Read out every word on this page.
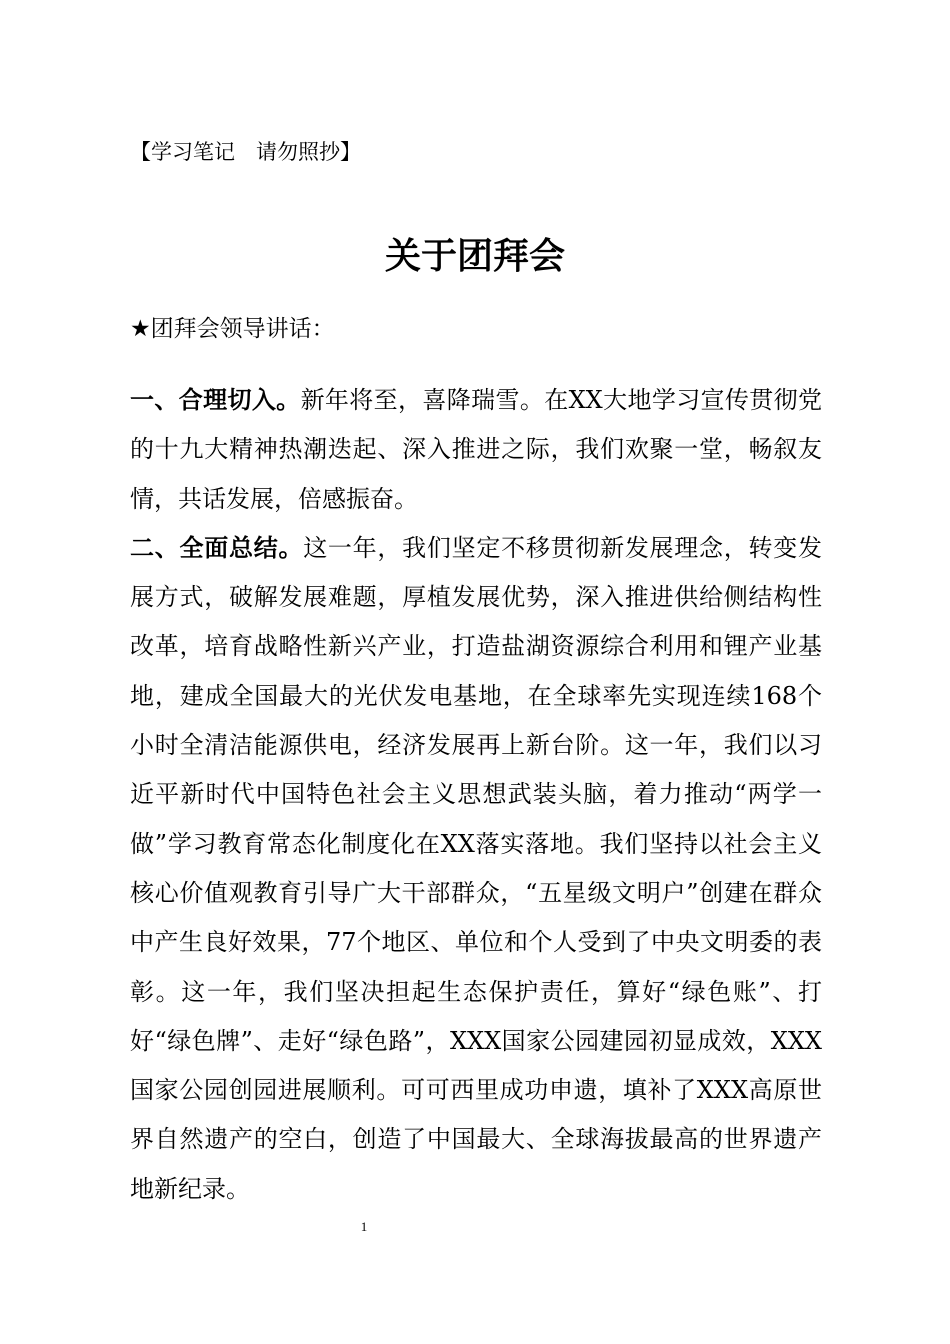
【学习笔记　请勿照抄】
关于团拜会
★团拜会领导讲话：

一、合理切入。新年将至，喜降瑞雪。在XX大地学习宣传贯彻党的十九大精神热潮迭起、深入推进之际，我们欢聚一堂，畅叙友情，共话发展，倍感振奋。

二、全面总结。这一年，我们坚定不移贯彻新发展理念，转变发展方式，破解发展难题，厚植发展优势，深入推进供给侧结构性改革，培育战略性新兴产业，打造盐湖资源综合利用和锂产业基地，建成全国最大的光伏发电基地，在全球率先实现连续168个小时全清洁能源供电，经济发展再上新台阶。这一年，我们以习近平新时代中国特色社会主义思想武装头脑，着力推动“两学一做”学习教育常态化制度化在XX落实落地。我们坚持以社会主义核心价值观教育引导广大干部群众，“五星级文明户”创建在群众中产生良好效果，77个地区、单位和个人受到了中央文明委的表彰。这一年，我们坚决担起生态保护责任，算好“绿色账”、打好“绿色牌”、走好“绿色路”，XXX国家公园建园初显成效，XXX国家公园创园进展顺利。可可西里成功申遗，填补了XXX高原世界自然遗产的空白，创造了中国最大、全球海拔最高的世界遗产地新纪录。

1
